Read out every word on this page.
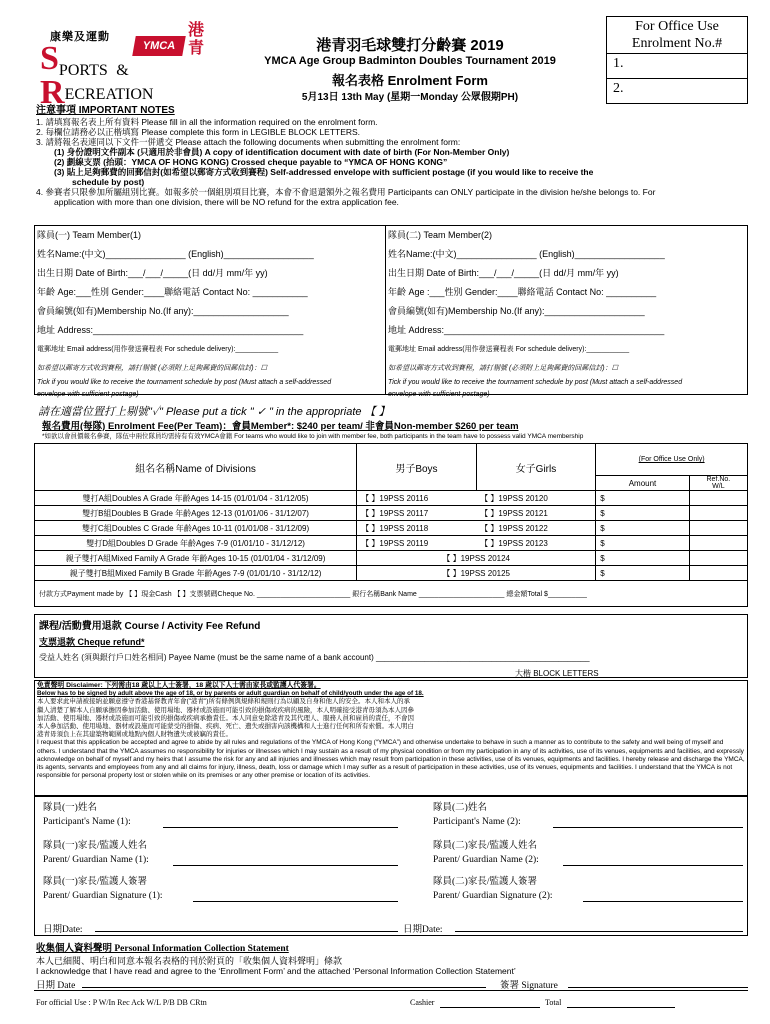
康樂及運動
$S^{PORTS}$ &
RECREATION
YMCA
港青	港青羽毛球雙打分齡賽 2019
YMCA Age Group Badminton Doubles Tournament 2019
報名表格 Enrolment Form
5月13日 13th May (星期一Monday 公眾假期PH)
For Office Use
Enrolment No.#
1.
2.
注意事項 IMPORTANT NOTES
1. 請填寫報名表上所有資料 Please fill in all the information required on the enrolment form.
2. 每欄位請務必以正楷填寫 Please complete this form in LEGIBLE BLOCK LETTERS.
3. 請將報名表連同以下文件一併遞交 Please attach the following documents when submitting the enrolment form:
(1) 身份證明文件副本 (只適用於非會員) A copy of identification document with date of birth (For Non-Member Only)
(2) 劃線支票 (抬頭：YMCA OF HONG KONG) Crossed cheque payable to “YMCA OF HONG KONG”
(3) 貼上足夠郵費的回郵信封(如希望以郵寄方式收到賽程) Self-addressed envelope with sufficient postage (if you would like to receive the
schedule by post)
4. 參賽者只限參加所屬組別比賽。如報多於一個組別項目比賽，本會不會退還額外之報名費用 Participants can ONLY participate in the division he/she belongs to. For
application with more than one division, there will be NO refund for the extra application fee.
隊員(一) Team Member(1)
姓名Name:(中文)________________ (English)__________________
出生日期 Date of Birth:___/___/_____(日 dd/月 mm/年 yy)
年齡 Age:___性別 Gender:____聯絡電話 Contact No: ___________
會員編號(如有)Membership No.(If any):___________________
地址 Address:__________________________________________
電郵地址 Email address(用作發送賽程表 For schedule delivery):___________
如希望以郵寄方式收到賽程，請打剔號 (必須附上足夠郵費的回郵信封)：☐
Tick if you would like to receive the tournament schedule by post (Must attach a self-addressed
envelope with sufficient postage)
隊員(二) Team Member(2)
姓名Name:(中文)________________ (English)__________________
出生日期 Date of Birth:___/___/_____(日 dd/月 mm/年 yy)
年齡 Age :___性別 Gender:____聯絡電話 Contact No: __________
會員編號(如有)Membership No.(If any):____________________
地址 Address:____________________________________________
電郵地址 Email address(用作發送賽程表 For schedule delivery):___________
如希望以郵寄方式收到賽程，請打剔號 (必須附上足夠郵費的回郵信封)：☐
Tick if you would like to receive the tournament schedule by post (Must attach a self-addressed
envelope with sufficient postage)
請在適當位置打上剔號"✓" Please put a tick " ✓ " in the appropriate 【 】
報名費用(每隊) Enrolment Fee(Per Team)：會員Member*: $240 per team/ 非會員Non-member $260 per team
*如欲以會員價報名參賽，隊伍中兩位隊員均需持有有效YMCA會籍 For teams who would like to join with member fee, both participants in the team have to possess valid YMCA membership
組名名稱Name of Divisions	男子Boys	女子Girls	(For Office Use Only)	
			Amount	Ref.No.
W/L
雙打A組Doubles A Grade 年齡Ages 14-15 (01/01/04 - 31/12/05)	【 】19PSS 20116	【 】19PSS 20120	$	
雙打B組Doubles B Grade 年齡Ages 12-13 (01/01/06 - 31/12/07)	【 】19PSS 20117	【 】19PSS 20121	$	
雙打C組Doubles C Grade 年齡Ages 10-11 (01/01/08 - 31/12/09)	【 】19PSS 20118	【 】19PSS 20122	$	
雙打D組Doubles D Grade 年齡Ages 7-9 (01/01/10 - 31/12/12)	【 】19PSS 20119	【 】19PSS 20123	$	
親子雙打A組Mixed Family A Grade 年齡Ages 10-15 (01/01/04 - 31/12/09)	【 】19PSS 20124		$	
親子雙打B組Mixed Family B Grade 年齡Ages 7-9 (01/01/10 - 31/12/12)	【 】19PSS 20125		$	
付款方式Payment made by 【 】現金Cash 【 】支票號碼Cheque No. ________________________ 銀行名稱Bank Name ______________________ 總金額Total $__________				
課程/活動費用退款 Course / Activity Fee Refund
支票退款 Cheque refund*
受益人姓名 (須與銀行戶口姓名相同) Payee Name (must be the same name of a bank account) ________________________________________________
大楷 BLOCK LETTERS
免責聲明 Disclaimer: 下列需由18 歲以上人士簽署，18 歲以下人士需由家長或監護人代簽署。
Below has to be signed by adult above the age of 18, or by parents or adult guardian on behalf of child/youth under the age of 18.
本人要求此申請被接納並願意遵守香港基督教青年會("港青")所有條例與規條和規則行為以顧及自身和他人的安全。本人和本人的承繼人清楚了解本人自願承擔因參加活動、使用場地、器材或設施而可能引致的損傷或疾病的風險，本人明確接受港青毋須為本人因參加活動、使用場地、器材或設施而可能引致的損傷或疾病承擔責任。本人同意免除港青及其代理人、服務人員和雇員的責任，不會因本人參加活動、使用場地、器材或設施而可能蒙受的損傷、疾病、死亡、遺失或損害向該機構和人士進行任何和所有索償。本人明白港青毋須負上在其建築物範圍或地點內個人財物遺失或被竊的責任。
I request that this application be accepted and agree to abide by all rules and regulations of the YMCA of Hong Kong (“YMCA”) and otherwise undertake to behave in such a manner as to contribute to the safety and well being of myself and others. I understand that the YMCA assumes no responsibility for injuries or illnesses which I may sustain as a result of my physical condition or from my participation in any of its activities, use of its venues, equipments and facilities, and expressly acknowledge on behalf of myself and my heirs that I assume the risk for any and all injuries and illnesses which may result from participation in these activities, use of its venues, equipments and facilities. I hereby release and discharge the YMCA, its agents, servants and employees from any and all claims for injury, illness, death, loss or damage which I may suffer as a result of participation in these activities, use of its venues, equipments and facilities. I understand that the YMCA is not responsible for personal property lost or stolen while on its premises or any other premise or location of its activities.
隊員(一)姓名	隊員(二)姓名
Participant's Name (1):	Participant's Name (2):
隊員(一)家長/監護人姓名	隊員(二)家長/監護人姓名
Parent/ Guardian Name (1):	Parent/ Guardian Name (2):
隊員(一)家長/監護人簽署	隊員(二)家長/監護人簽署
Parent/ Guardian Signature (1):	Parent/ Guardian Signature (2):
日期Date:	日期Date:
收集個人資料聲明 Personal Information Collection Statement
本人已細閱、明白和同意本報名表格的刊於附頁的「收集個人資料聲明」條款
I acknowledge that I have read and agree to the ‘Enrollment Form’ and the attached ‘Personal Information Collection Statement’
日期 Date	簽署 Signature
For official Use : P W/In Rec Ack W/L P/B DB CRtn	Cashier	Total
